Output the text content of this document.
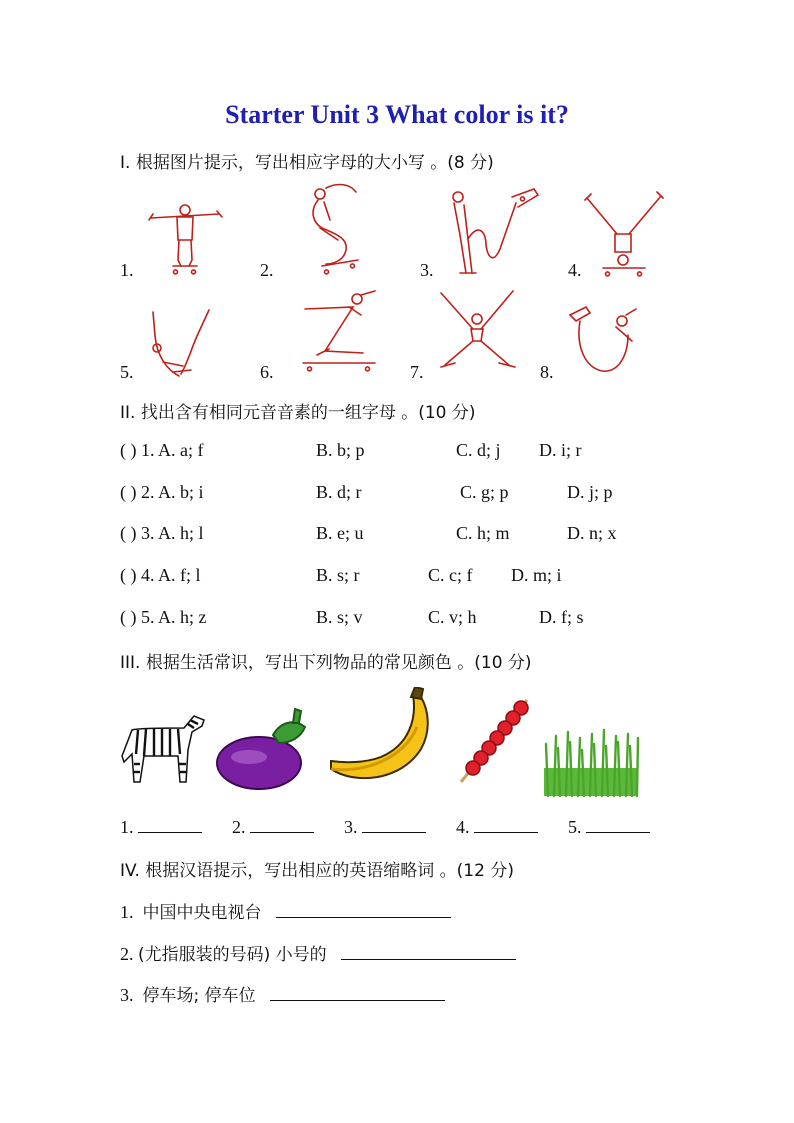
Starter Unit 3 What color is it?
I. 根据图片提示，写出相应字母的大小写 。(8 分)
1.	2.	3.	4.
5.	6.	7.	8.
II. 找出含有相同元音音素的一组字母 。(10 分)
( ) 1. A. a; f	B. b; p	C. d; j D. i; r
( ) 2. A. b; i	B. d; r	C. g; p	D. j; p
( ) 3. A. h; l	B. e; u	C. h; m	D. n; x
( ) 4. A. f; l	B. s; r	C. c; f D. m; i
( ) 5. A. h; z	B. s; v	C. v; h	D. f; s
III. 根据生活常识，写出下列物品的常见颜色 。(10 分)
1.	2.	3.	4.	5.
IV. 根据汉语提示，写出相应的英语缩略词 。(12 分)
1. 中国中央电视台
2. (尤指服装的号码) 小号的
3. 停车场; 停车位
